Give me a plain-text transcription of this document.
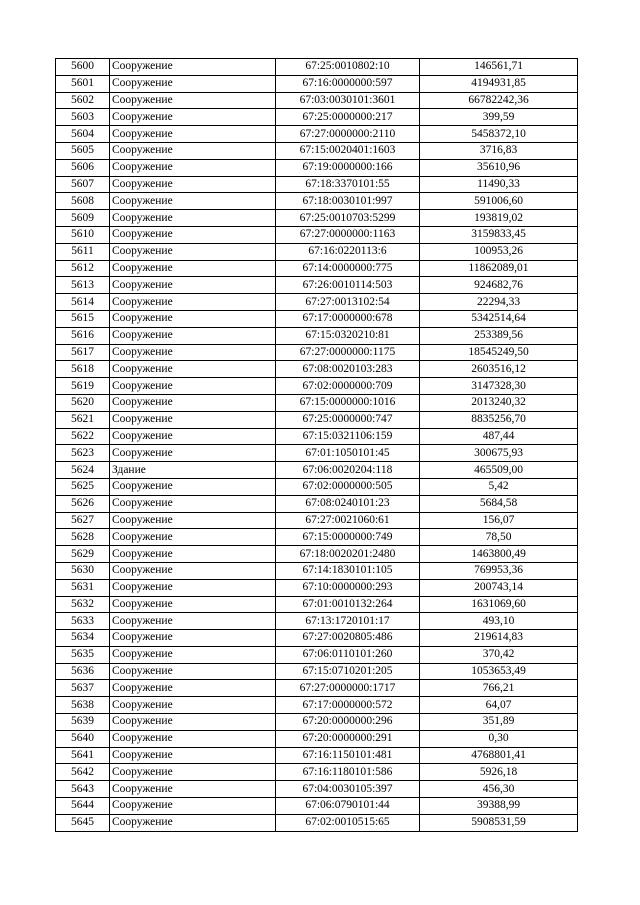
5600	Сооружение	67:25:0010802:10	146561,71
5601	Сооружение	67:16:0000000:597	4194931,85
5602	Сооружение	67:03:0030101:3601	66782242,36
5603	Сооружение	67:25:0000000:217	399,59
5604	Сооружение	67:27:0000000:2110	5458372,10
5605	Сооружение	67:15:0020401:1603	3716,83
5606	Сооружение	67:19:0000000:166	35610,96
5607	Сооружение	67:18:3370101:55	11490,33
5608	Сооружение	67:18:0030101:997	591006,60
5609	Сооружение	67:25:0010703:5299	193819,02
5610	Сооружение	67:27:0000000:1163	3159833,45
5611	Сооружение	67:16:0220113:6	100953,26
5612	Сооружение	67:14:0000000:775	11862089,01
5613	Сооружение	67:26:0010114:503	924682,76
5614	Сооружение	67:27:0013102:54	22294,33
5615	Сооружение	67:17:0000000:678	5342514,64
5616	Сооружение	67:15:0320210:81	253389,56
5617	Сооружение	67:27:0000000:1175	18545249,50
5618	Сооружение	67:08:0020103:283	2603516,12
5619	Сооружение	67:02:0000000:709	3147328,30
5620	Сооружение	67:15:0000000:1016	2013240,32
5621	Сооружение	67:25:0000000:747	8835256,70
5622	Сооружение	67:15:0321106:159	487,44
5623	Сооружение	67:01:1050101:45	300675,93
5624	Здание	67:06:0020204:118	465509,00
5625	Сооружение	67:02:0000000:505	5,42
5626	Сооружение	67:08:0240101:23	5684,58
5627	Сооружение	67:27:0021060:61	156,07
5628	Сооружение	67:15:0000000:749	78,50
5629	Сооружение	67:18:0020201:2480	1463800,49
5630	Сооружение	67:14:1830101:105	769953,36
5631	Сооружение	67:10:0000000:293	200743,14
5632	Сооружение	67:01:0010132:264	1631069,60
5633	Сооружение	67:13:1720101:17	493,10
5634	Сооружение	67:27:0020805:486	219614,83
5635	Сооружение	67:06:0110101:260	370,42
5636	Сооружение	67:15:0710201:205	1053653,49
5637	Сооружение	67:27:0000000:1717	766,21
5638	Сооружение	67:17:0000000:572	64,07
5639	Сооружение	67:20:0000000:296	351,89
5640	Сооружение	67:20:0000000:291	0,30
5641	Сооружение	67:16:1150101:481	4768801,41
5642	Сооружение	67:16:1180101:586	5926,18
5643	Сооружение	67:04:0030105:397	456,30
5644	Сооружение	67:06:0790101:44	39388,99
5645	Сооружение	67:02:0010515:65	5908531,59
